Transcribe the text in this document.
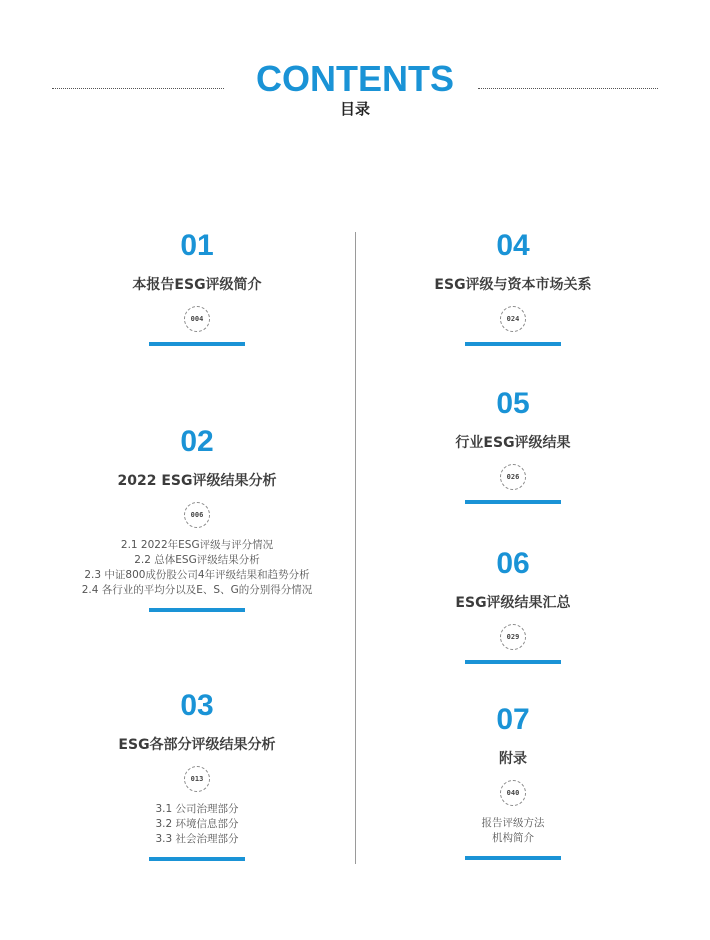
CONTENTS
目录
01
本报告ESG评级简介
004
02
2022 ESG评级结果分析
006
2.1 2022年ESG评级与评分情况
2.2 总体ESG评级结果分析
2.3 中证800成份股公司4年评级结果和趋势分析
2.4 各行业的平均分以及E、S、G的分别得分情况
03
ESG各部分评级结果分析
013
3.1 公司治理部分
3.2 环境信息部分
3.3 社会治理部分
04
ESG评级与资本市场关系
024
05
行业ESG评级结果
026
06
ESG评级结果汇总
029
07
附录
040
报告评级方法
机构简介
